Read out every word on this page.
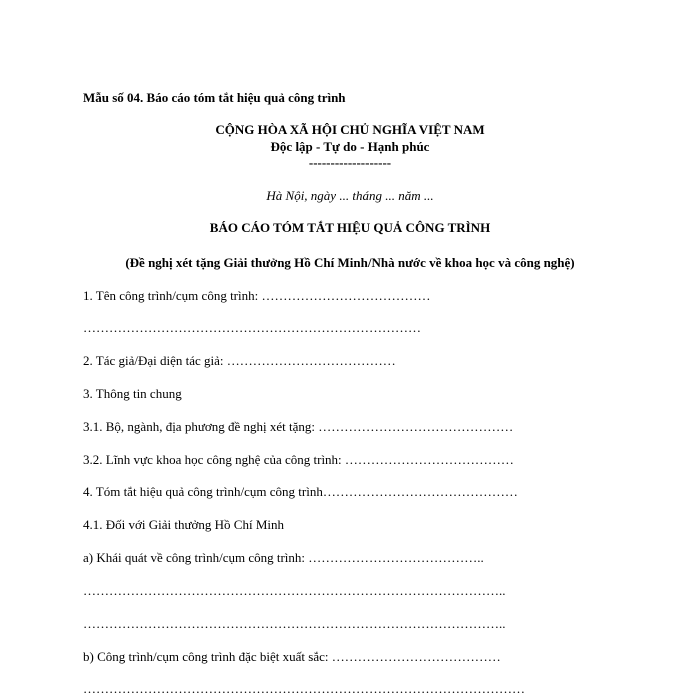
Mẫu số 04. Báo cáo tóm tắt hiệu quả công trình
CỘNG HÒA XÃ HỘI CHỦ NGHĨA VIỆT NAM
Độc lập - Tự do - Hạnh phúc
-------------------
Hà Nội, ngày ... tháng ... năm ...
BÁO CÁO TÓM TẮT HIỆU QUẢ CÔNG TRÌNH
(Đề nghị xét tặng Giải thưởng Hồ Chí Minh/Nhà nước về khoa học và công nghệ)
1. Tên công trình/cụm công trình: …………………………………
……………………………………………………………………
2. Tác giả/Đại diện tác giả: …………………………………
3. Thông tin chung
3.1. Bộ, ngành, địa phương đề nghị xét tặng: ………………………………………
3.2. Lĩnh vực khoa học công nghệ của công trình: …………………………………
4. Tóm tắt hiệu quả công trình/cụm công trình………………………………………
4.1. Đối với Giải thưởng Hồ Chí Minh
a) Khái quát về công trình/cụm công trình: …………………………………..
……………………………………………………………………………………..
……………………………………………………………………………………..
b) Công trình/cụm công trình đặc biệt xuất sắc: …………………………………
…………………………………………………………………………………………
